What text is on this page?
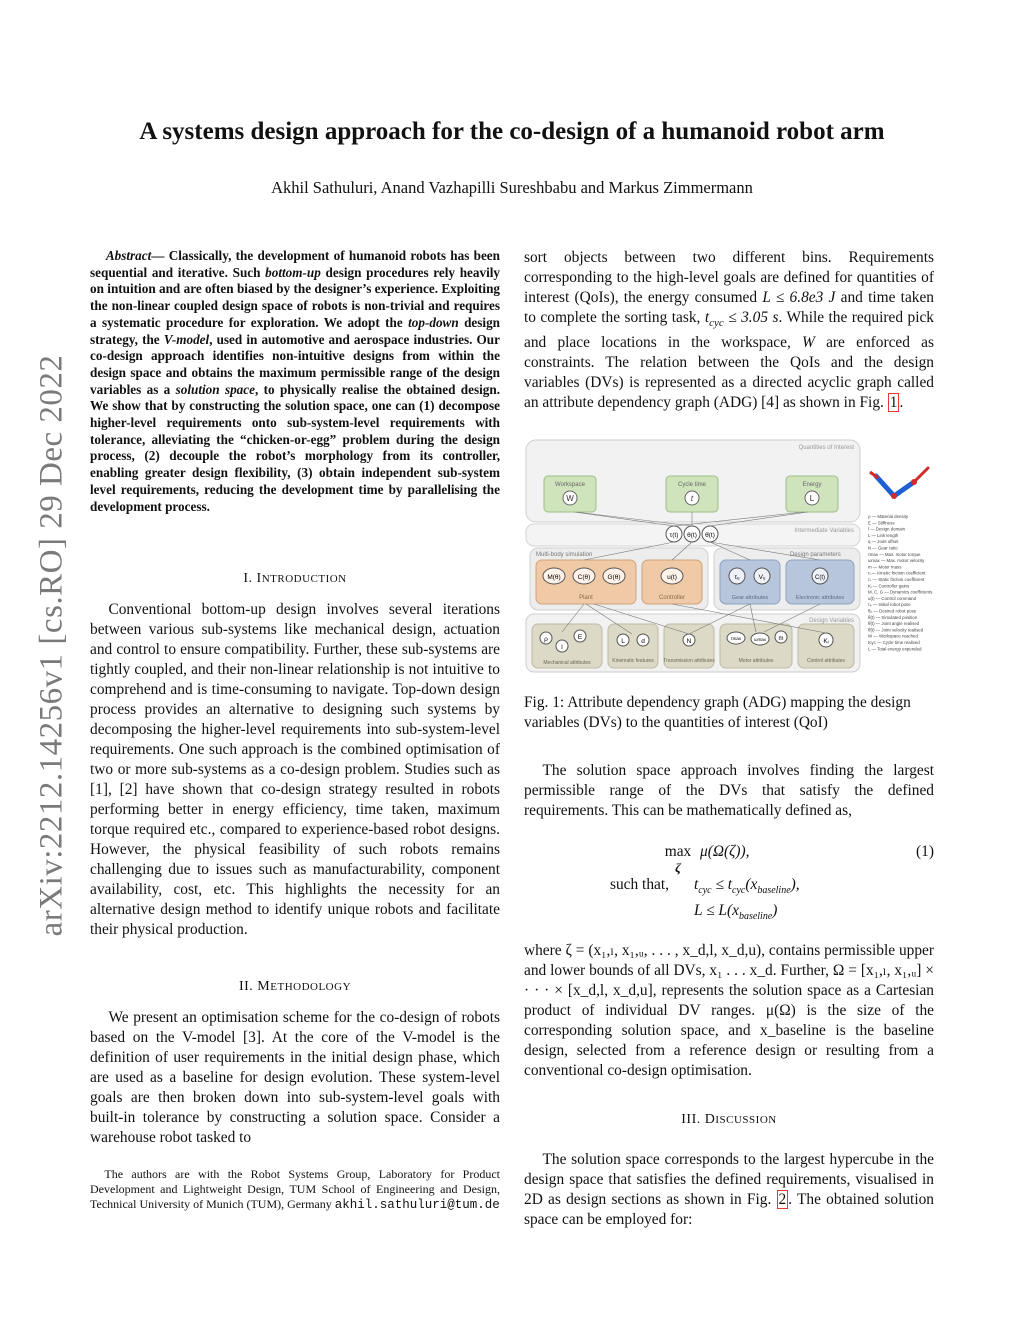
arXiv:2212.14256v1 [cs.RO] 29 Dec 2022
A systems design approach for the co-design of a humanoid robot arm
Akhil Sathuluri, Anand Vazhapilli Sureshbabu and Markus Zimmermann
Abstract— Classically, the development of humanoid robots has been sequential and iterative. Such bottom-up design procedures rely heavily on intuition and are often biased by the designer’s experience. Exploiting the non-linear coupled design space of robots is non-trivial and requires a systematic procedure for exploration. We adopt the top-down design strategy, the V-model, used in automotive and aerospace industries. Our co-design approach identifies non-intuitive designs from within the design space and obtains the maximum permissible range of the design variables as a solution space, to physically realise the obtained design. We show that by constructing the solution space, one can (1) decompose higher-level requirements onto sub-system-level requirements with tolerance, alleviating the “chicken-or-egg” problem during the design process, (2) decouple the robot’s morphology from its controller, enabling greater design flexibility, (3) obtain independent sub-system level requirements, reducing the development time by parallelising the development process.
I. INTRODUCTION

Conventional bottom-up design involves several iterations between various sub-systems like mechanical design, actuation and control to ensure compatibility. Further, these sub-systems are tightly coupled, and their non-linear relationship is not intuitive to comprehend and is time-consuming to navigate. Top-down design process provides an alternative to designing such systems by decomposing the higher-level requirements into sub-system-level requirements. One such approach is the combined optimisation of two or more sub-systems as a co-design problem. Studies such as [1], [2] have shown that co-design strategy resulted in robots performing better in energy efficiency, time taken, maximum torque required etc., compared to experience-based robot designs. However, the physical feasibility of such robots remains challenging due to issues such as manufacturability, component availability, cost, etc. This highlights the necessity for an alternative design method to identify unique robots and facilitate their physical production.

II. METHODOLOGY

We present an optimisation scheme for the co-design of robots based on the V-model [3]. At the core of the V-model is the definition of user requirements in the initial design phase, which are used as a baseline for design evolution. These system-level goals are then broken down into sub-system-level goals with built-in tolerance by constructing a solution space. Consider a warehouse robot tasked to

The authors are with the Robot Systems Group, Laboratory for Product Development and Lightweight Design, TUM School of Engineering and Design, Technical University of Munich (TUM), Germany akhil.sathuluri@tum.de
sort objects between two different bins. Requirements corresponding to the high-level goals are defined for quantities of interest (QoIs), the energy consumed L ≤ 6.8e3 J and time taken to complete the sorting task, $t_{cyc} \le 3.05$ s. While the required pick and place locations in the workspace, W are enforced as constraints. The relation between the QoIs and the design variables (DVs) is represented as a directed acyclic graph called an attribute dependency graph (ADG) [4] as shown in Fig. 1 .
Quantities of Interest
Workspace
W
Cycle time
t
Energy
L
Intermediate Variables
τ(t) θ(t) θ̇(t)
Multi-body simulation
M(θ)	C(θ)	G(θ)
Plant
u(t)
Controller
Design parameters
τᵤ	Vᵤ
Gear attributes
C(t)
Electronic attributes
Design Variables
ρ	E
l
Mechanical attributes
L	d
Kinematic features
N
Transmission attributes
τmax	ωmax m
Motor attributes
Kᵢ
Control attributes
ρ — Material density
E — Stiffness
l — Design domain
L — Link length
q — Joint offset
N — Gear ratio
τmax — Max. motor torque
ωmax — Max. motor velocity
m — Motor mass
τᵢ — Kinetic friction coefficient
τₛ — Static friction coefficient
Kᵢ — Controller gains
M, C, G — Dynamics coefficients
u(t) — Control command
τₚ — Initial robot pose
θₚ — Desired robot pose
θ(t) — Simulated position
θ̇(t) — Joint angle realised
θ̈(t) — Joint velocity realised
W — Workspace reached
tcyc — Cycle time realised
L — Total energy expended
Fig. 1: Attribute dependency graph (ADG) mapping the design variables (DVs) to the quantities of interest (QoI)

The solution space approach involves finding the largest permissible range of the DVs that satisfy the defined requirements. This can be mathematically defined as,

max
ζ
μ(Ω(ζ)),	(1)
such that, $t_{cyc} \le t_{cyc}(x_{baseline})$,
$L \le L(x_{baseline})$

where ζ = (x₁,ₗ, x₁,ᵤ, . . . , x_d,l, x_d,u), contains permissible upper and lower bounds of all DVs, x₁ . . . x_d. Further, Ω = [x₁,ₗ, x₁,ᵤ] × · · · × [x_d,l, x_d,u], represents the solution space as a Cartesian product of individual DV ranges. μ(Ω) is the size of the corresponding solution space, and x_baseline is the baseline design, selected from a reference design or resulting from a conventional co-design optimisation.

III. DISCUSSION

The solution space corresponds to the largest hypercube in the design space that satisfies the defined requirements, visualised in 2D as design sections as shown in Fig. 2 . The obtained solution space can be employed for:
